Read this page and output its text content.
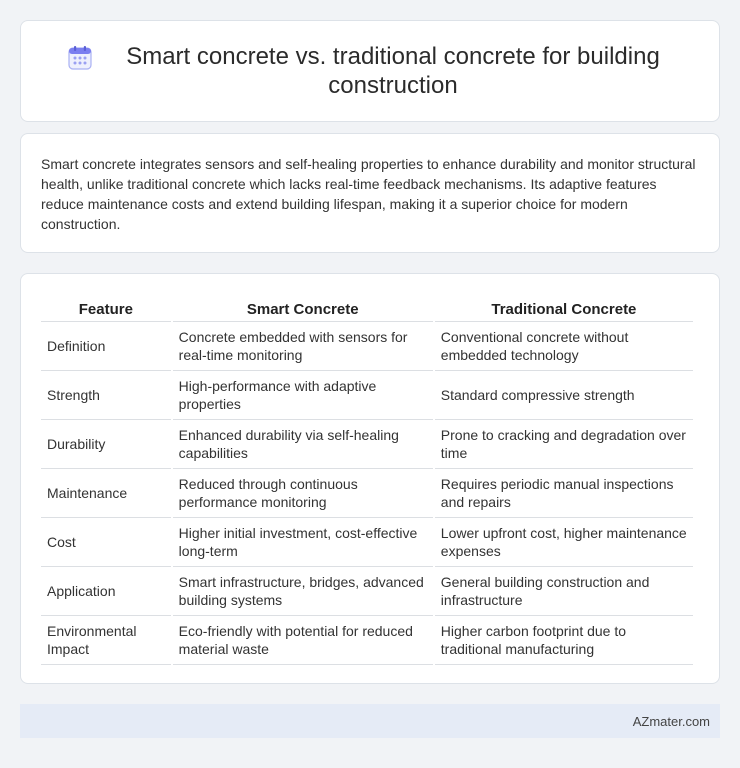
Smart concrete vs. traditional concrete for building construction

Smart concrete integrates sensors and self-healing properties to enhance durability and monitor structural health, unlike traditional concrete which lacks real-time feedback mechanisms. Its adaptive features reduce maintenance costs and extend building lifespan, making it a superior choice for modern construction.

Feature	Smart Concrete	Traditional Concrete
Definition	Concrete embedded with sensors for real-time monitoring	Conventional concrete without embedded technology
Strength	High-performance with adaptive properties	Standard compressive strength
Durability	Enhanced durability via self-healing capabilities	Prone to cracking and degradation over time
Maintenance	Reduced through continuous performance monitoring	Requires periodic manual inspections and repairs
Cost	Higher initial investment, cost-effective long-term	Lower upfront cost, higher maintenance expenses
Application	Smart infrastructure, bridges, advanced building systems	General building construction and infrastructure
Environmental Impact	Eco-friendly with potential for reduced material waste	Higher carbon footprint due to traditional manufacturing
AZmater.com
